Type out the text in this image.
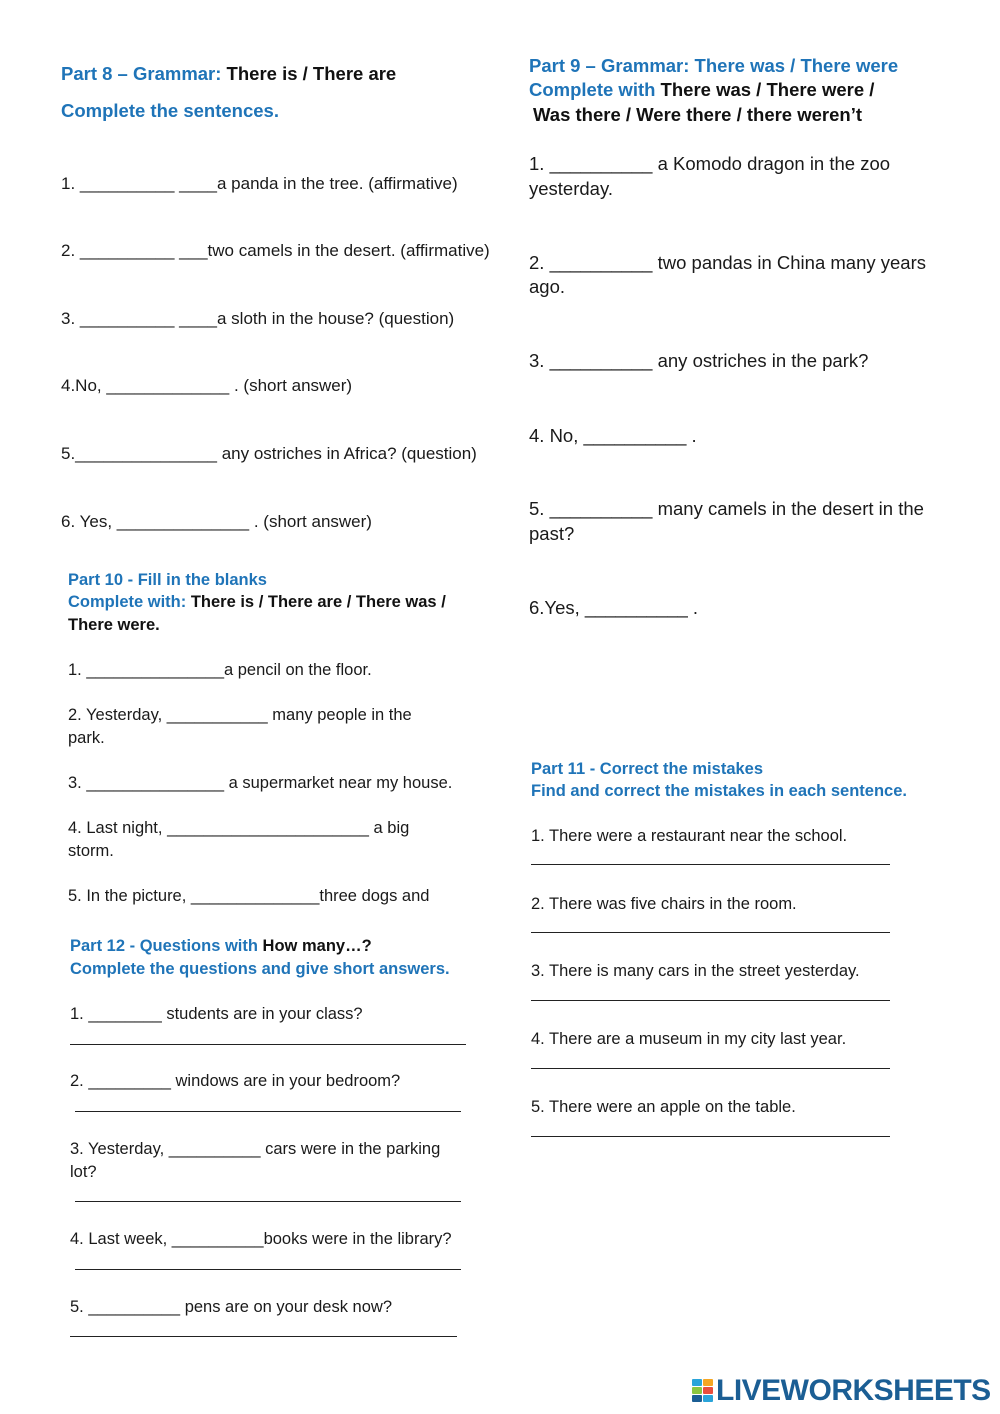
Part 8 – Grammar: There is / There are
Complete the sentences.
1. __________ ____a panda in the tree. (affirmative)
2. __________ ___two camels in the desert. (affirmative)
3. __________ ____a sloth in the house? (question)
4.No, _____________ . (short answer)
5._______________ any ostriches in Africa? (question)
6. Yes, ______________ . (short answer)
Part 9 – Grammar: There was / There were
Complete with There was / There were /
Was there / Were there / there weren’t
1. __________ a Komodo dragon in the zoo
yesterday.
2. __________ two pandas in China many years
ago.
3. __________ any ostriches in the park?
4. No, __________ .
5. __________ many camels in the desert in the
past?
6.Yes, __________ .
Part 10 - Fill in the blanks
Complete with: There is / There are / There was /
There were.
1. _______________a pencil on the floor.
2. Yesterday, ___________ many people in the
park.
3. _______________ a supermarket near my house.
4. Last night, ______________________ a big
storm.
5. In the picture, ______________three dogs and
Part 11 - Correct the mistakes
Find and correct the mistakes in each sentence.
1. There were a restaurant near the school.
2. There was five chairs in the room.
3. There is many cars in the street yesterday.
4. There are a museum in my city last year.
5. There were an apple on the table.
Part 12 - Questions with How many…?
Complete the questions and give short answers.
1. ________ students are in your class?
2. _________ windows are in your bedroom?
3. Yesterday, __________ cars were in the parking
lot?
4. Last week, __________books were in the library?
5. __________ pens are on your desk now?
LIVEWORKSHEETS
